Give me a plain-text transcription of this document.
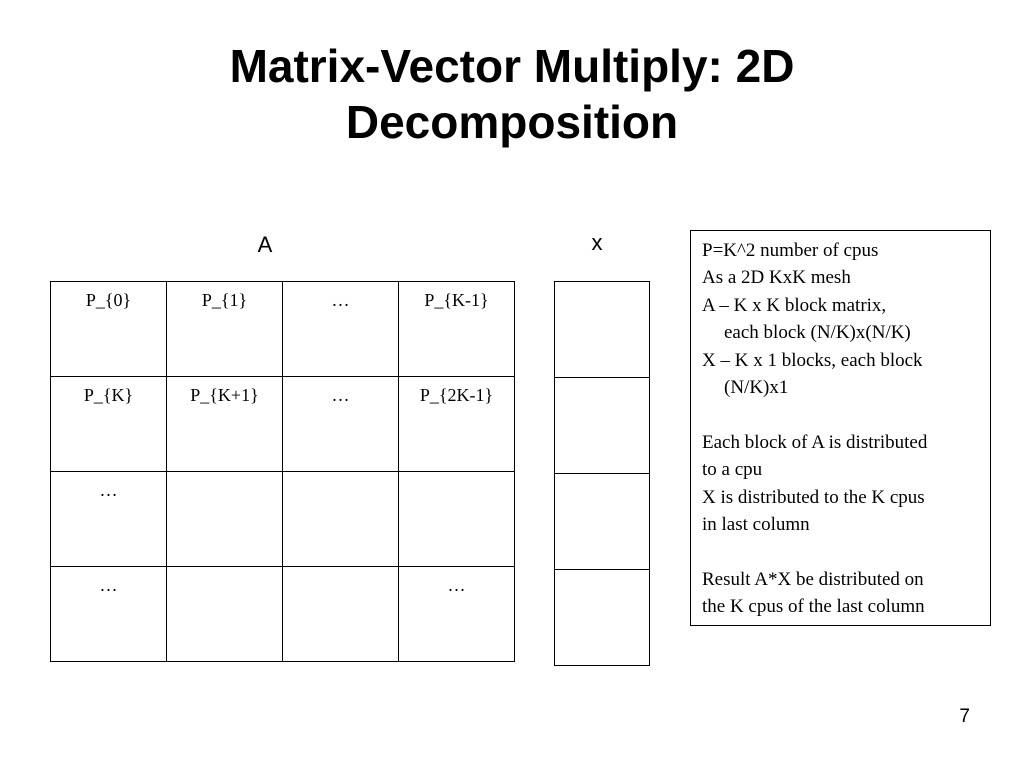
Matrix-Vector Multiply: 2D
Decomposition
A	x
P_{0}	P_{1}	…	P_{K-1}
P_{K}	P_{K+1}	…	P_{2K-1}
…			
…			…

P=K^2 number of cpus
As a 2D KxK mesh
A – K x K block matrix,
each block (N/K)x(N/K)
X – K x 1 blocks, each block
(N/K)x1
Each block of A is distributed
to a cpu
X is distributed to the K cpus
in last column
Result A*X be distributed on
the K cpus of the last column
7
